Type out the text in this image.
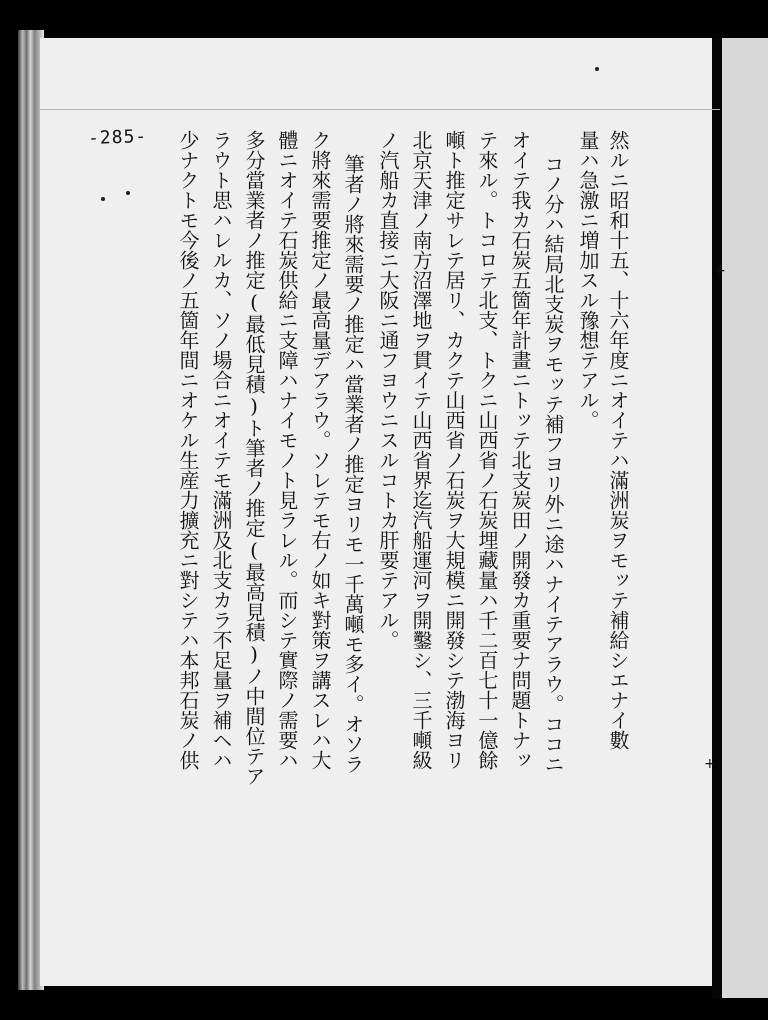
+
+
-285-	然ルニ昭和十五、十六年度ニオイテハ滿洲炭ヲモッテ補給シエナイ數
量ハ急激ニ増加スル豫想テアル。
コノ分ハ結局北支炭ヲモッテ補フヨリ外ニ途ハナイテアラウ。ココニ
オイテ我カ石炭五箇年計畫ニトッテ北支炭田ノ開發カ重要ナ問題トナッ
テ來ル。トコロテ北支、トクニ山西省ノ石炭埋藏量ハ千二百七十一億餘
噸ト推定サレテ居リ、カクテ山西省ノ石炭ヲ大規模ニ開發シテ渤海ヨリ
北京天津ノ南方沼澤地ヲ貫イテ山西省界迄汽船運河ヲ開鑿シ、三千噸級
ノ汽船カ直接ニ大阪ニ通フヨウニスルコトカ肝要テアル。
筆者ノ將來需要ノ推定ハ當業者ノ推定ヨリモ一千萬噸モ多イ。オソラ
ク將來需要推定ノ最高量デアラウ。ソレテモ右ノ如キ對策ヲ講スレハ大
體ニオイテ石炭供給ニ支障ハナイモノト見ラレル。而シテ實際ノ需要ハ
多分當業者ノ推定(最低見積)ト筆者ノ推定(最高見積)ノ中間位テア
ラウト思ハレルカ、ソノ場合ニオイテモ滿洲及北支カラ不足量ヲ補ヘハ
少ナクトモ今後ノ五箇年間ニオケル生産力擴充ニ對シテハ本邦石炭ノ供
